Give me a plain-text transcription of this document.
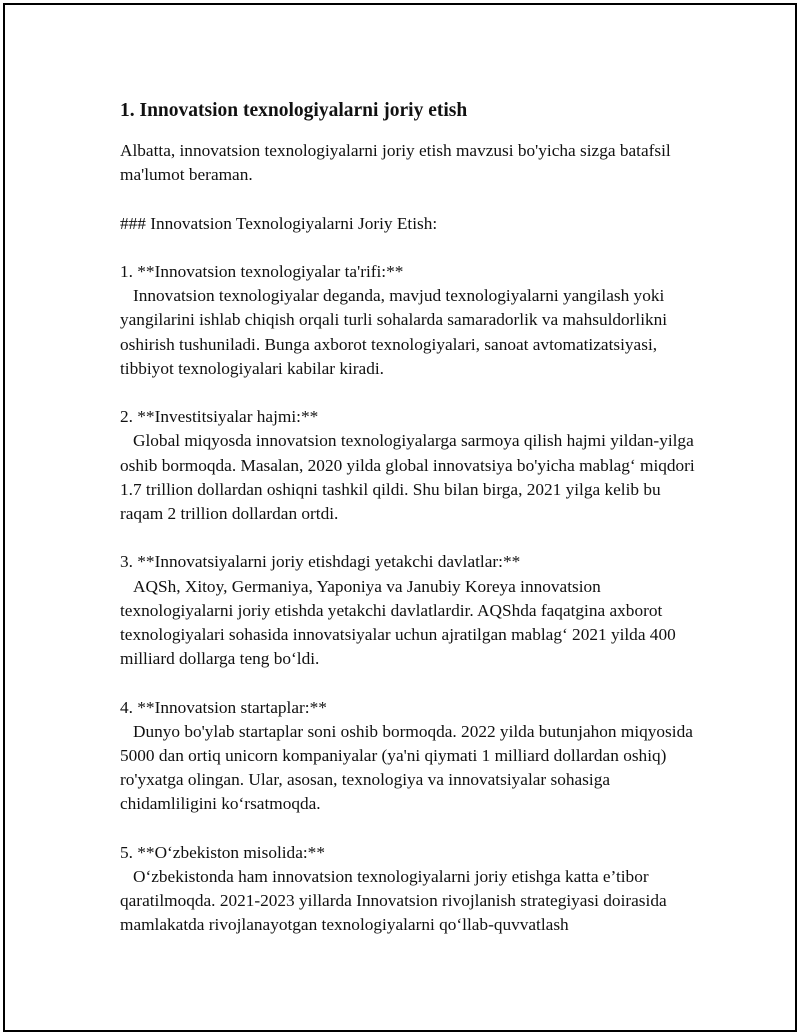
1. Innovatsion texnologiyalarni joriy etish
Albatta, innovatsion texnologiyalarni joriy etish mavzusi bo'yicha sizga batafsil ma'lumot beraman.
### Innovatsion Texnologiyalarni Joriy Etish:
1. **Innovatsion texnologiyalar ta'rifi:**
Innovatsion texnologiyalar deganda, mavjud texnologiyalarni yangilash yoki yangilarini ishlab chiqish orqali turli sohalarda samaradorlik va mahsuldorlikni oshirish tushuniladi. Bunga axborot texnologiyalari, sanoat avtomatizatsiyasi, tibbiyot texnologiyalari kabilar kiradi.
2. **Investitsiyalar hajmi:**
Global miqyosda innovatsion texnologiyalarga sarmoya qilish hajmi yildan-yilga oshib bormoqda. Masalan, 2020 yilda global innovatsiya bo'yicha mablag‘ miqdori 1.7 trillion dollardan oshiqni tashkil qildi. Shu bilan birga, 2021 yilga kelib bu raqam 2 trillion dollardan ortdi.
3. **Innovatsiyalarni joriy etishdagi yetakchi davlatlar:**
AQSh, Xitoy, Germaniya, Yaponiya va Janubiy Koreya innovatsion texnologiyalarni joriy etishda yetakchi davlatlardir. AQShda faqatgina axborot texnologiyalari sohasida innovatsiyalar uchun ajratilgan mablag‘ 2021 yilda 400 milliard dollarga teng bo‘ldi.
4. **Innovatsion startaplar:**
Dunyo bo'ylab startaplar soni oshib bormoqda. 2022 yilda butunjahon miqyosida 5000 dan ortiq unicorn kompaniyalar (ya'ni qiymati 1 milliard dollardan oshiq) ro'yxatga olingan. Ular, asosan, texnologiya va innovatsiyalar sohasiga chidamliligini ko‘rsatmoqda.
5. **O‘zbekiston misolida:**
O‘zbekistonda ham innovatsion texnologiyalarni joriy etishga katta e’tibor qaratilmoqda. 2021-2023 yillarda Innovatsion rivojlanish strategiyasi doirasida mamlakatda rivojlanayotgan texnologiyalarni qo‘llab-quvvatlash
